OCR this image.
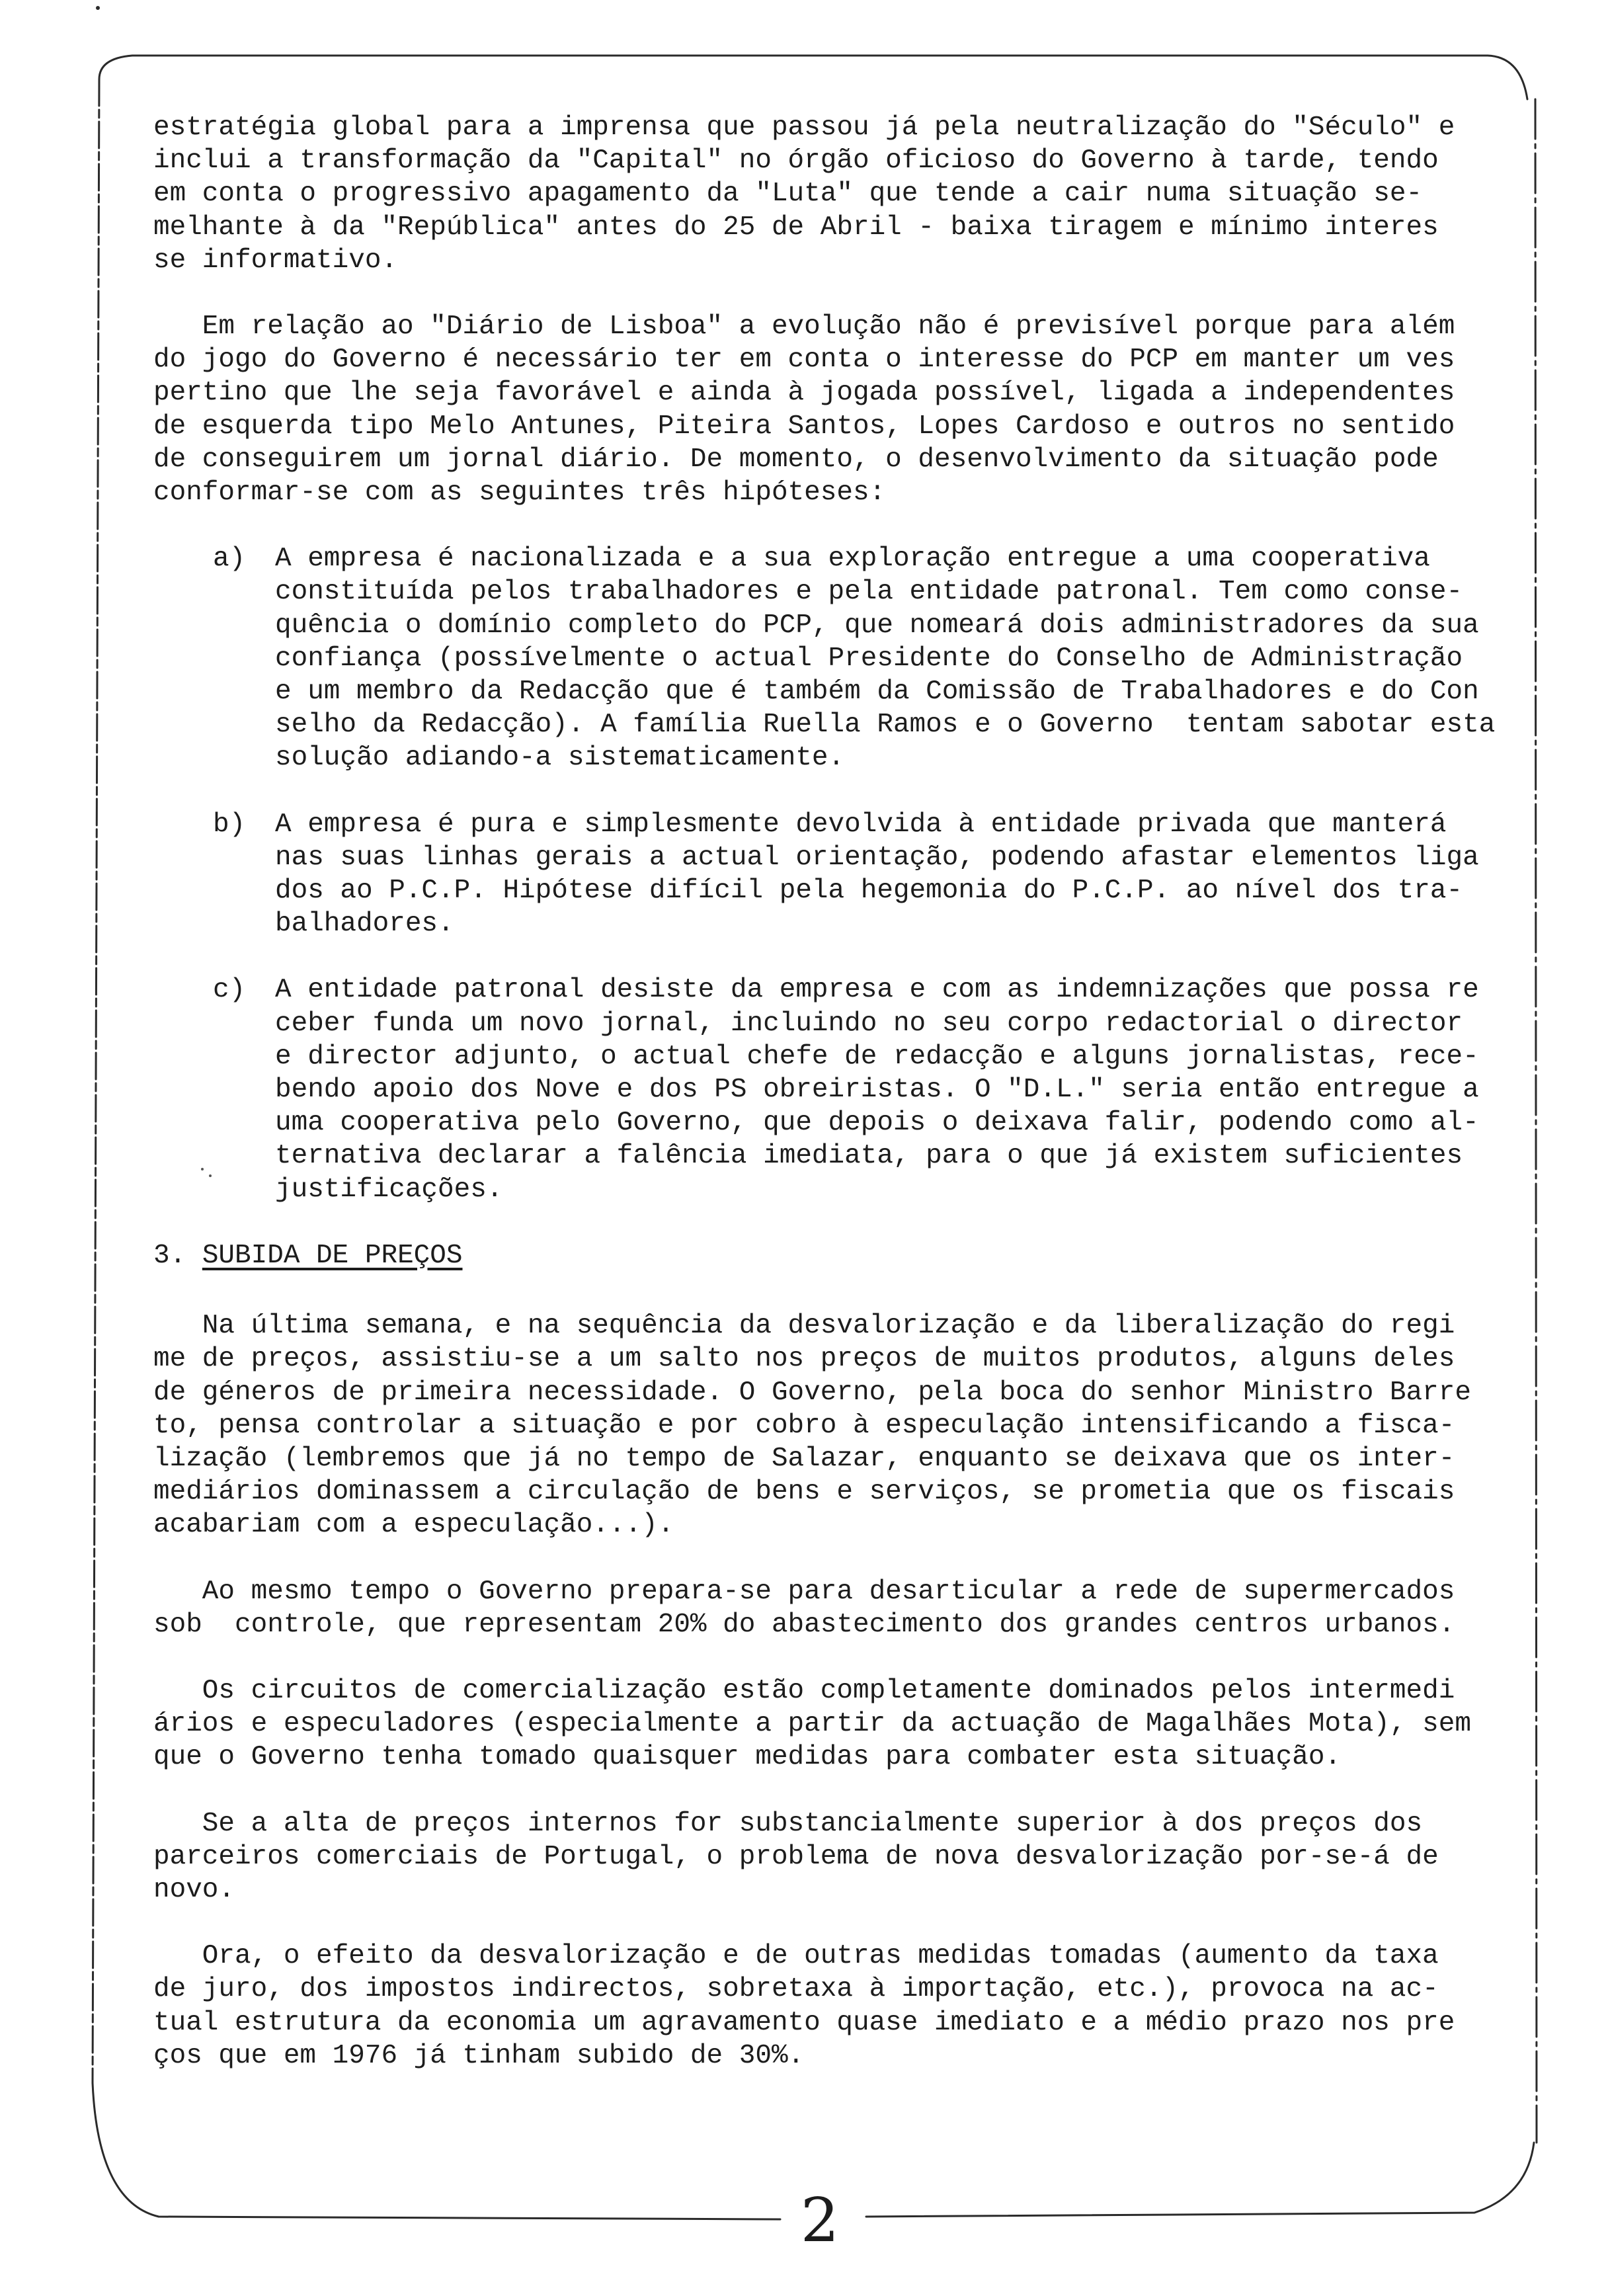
estratégia global para a imprensa que passou já pela neutralização do "Século" e

inclui a transformação da "Capital" no órgão oficioso do Governo à tarde, tendo

em conta o progressivo apagamento da "Luta" que tende a cair numa situação se-

melhante à da "República" antes do 25 de Abril - baixa tiragem e mínimo interes

se informativo.

Em relação ao "Diário de Lisboa" a evolução não é previsível porque para além

do jogo do Governo é necessário ter em conta o interesse do PCP em manter um ves

pertino que lhe seja favorável e ainda à jogada possível, ligada a independentes

de esquerda tipo Melo Antunes, Piteira Santos, Lopes Cardoso e outros no sentido

de conseguirem um jornal diário. De momento, o desenvolvimento da situação pode

conformar-se com as seguintes três hipóteses:

a) A empresa é nacionalizada e a sua exploração entregue a uma cooperativa

constituída pelos trabalhadores e pela entidade patronal. Tem como conse-

quência o domínio completo do PCP, que nomeará dois administradores da sua

confiança (possívelmente o actual Presidente do Conselho de Administração

e um membro da Redacção que é também da Comissão de Trabalhadores e do Con

selho da Redacção). A família Ruella Ramos e o Governo  tentam sabotar esta

solução adiando-a sistematicamente.

b) A empresa é pura e simplesmente devolvida à entidade privada que manterá

nas suas linhas gerais a actual orientação, podendo afastar elementos liga

dos ao P.C.P. Hipótese difícil pela hegemonia do P.C.P. ao nível dos tra-

balhadores.

c) A entidade patronal desiste da empresa e com as indemnizações que possa re

ceber funda um novo jornal, incluindo no seu corpo redactorial o director

e director adjunto, o actual chefe de redacção e alguns jornalistas, rece-

bendo apoio dos Nove e dos PS obreiristas. O "D.L." seria então entregue a

uma cooperativa pelo Governo, que depois o deixava falir, podendo como al-

ternativa declarar a falência imediata, para o que já existem suficientes

justificações.

3. SUBIDA DE PREÇOS

Na última semana, e na sequência da desvalorização e da liberalização do regi

me de preços, assistiu-se a um salto nos preços de muitos produtos, alguns deles

de géneros de primeira necessidade. O Governo, pela boca do senhor Ministro Barre

to, pensa controlar a situação e por cobro à especulação intensificando a fisca-

lização (lembremos que já no tempo de Salazar, enquanto se deixava que os inter-

mediários dominassem a circulação de bens e serviços, se prometia que os fiscais

acabariam com a especulação...).

Ao mesmo tempo o Governo prepara-se para desarticular a rede de supermercados

sob  controle, que representam 20% do abastecimento dos grandes centros urbanos.

Os circuitos de comercialização estão completamente dominados pelos intermedi

ários e especuladores (especialmente a partir da actuação de Magalhães Mota), sem

que o Governo tenha tomado quaisquer medidas para combater esta situação.

Se a alta de preços internos for substancialmente superior à dos preços dos

parceiros comerciais de Portugal, o problema de nova desvalorização por-se-á de

novo.

Ora, o efeito da desvalorização e de outras medidas tomadas (aumento da taxa

de juro, dos impostos indirectos, sobretaxa à importação, etc.), provoca na ac-

tual estrutura da economia um agravamento quase imediato e a médio prazo nos pre

ços que em 1976 já tinham subido de 30%.

2
